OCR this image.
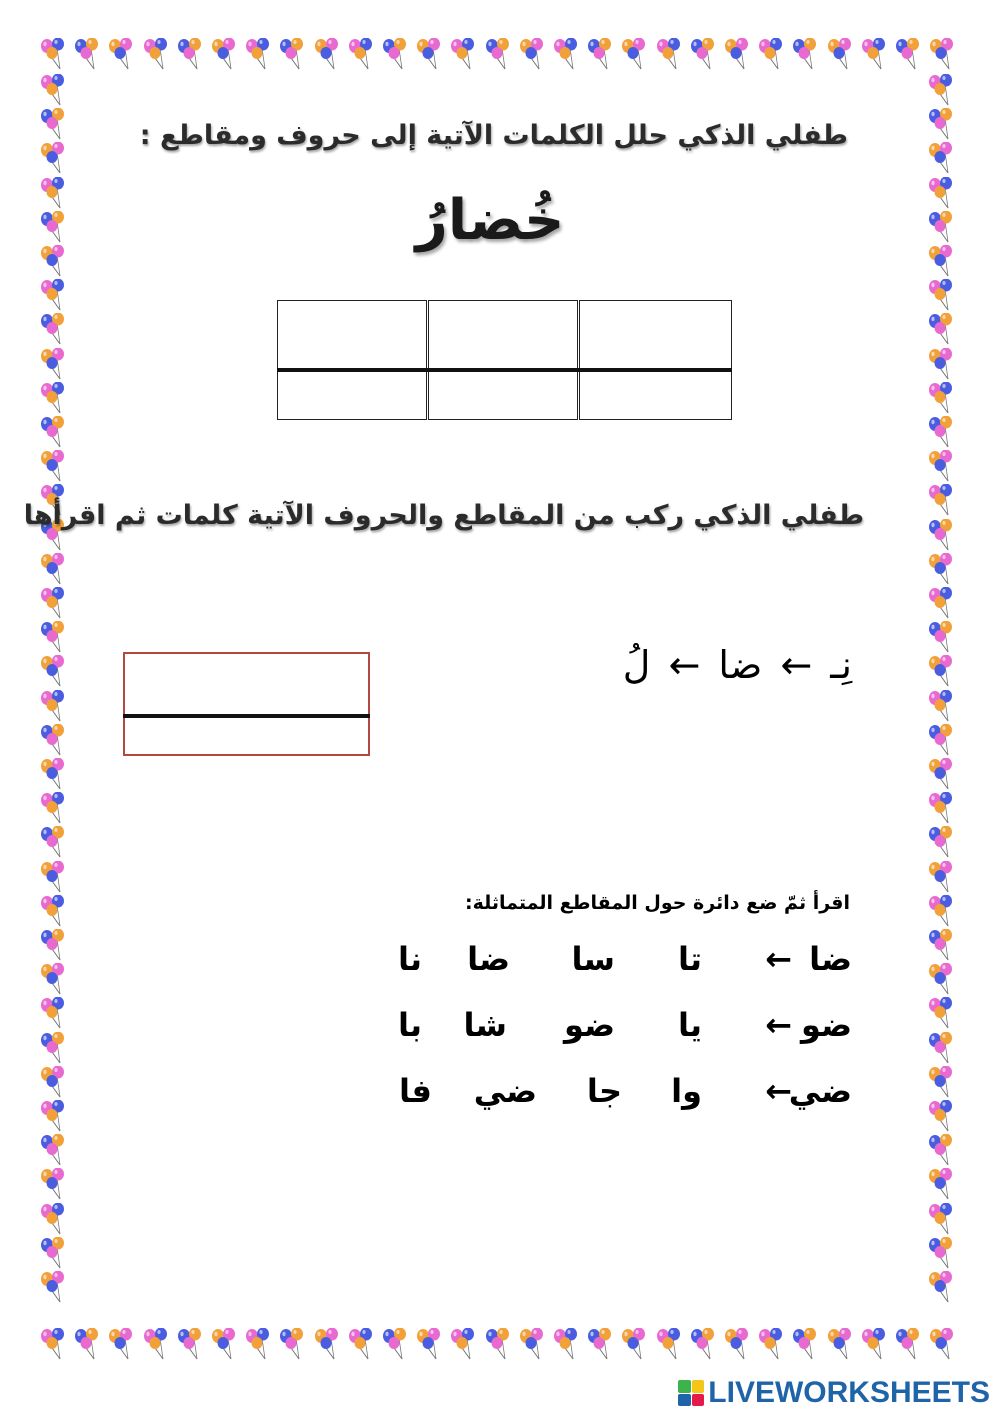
طفلي الذكي حلل الكلمات الآتية إلى حروف ومقاطع :
خُضارُ
طفلي الذكي ركب من المقاطع والحروف الآتية كلمات ثم اقرأها
نِـ ← ضا ← لُ
اقرأ ثمّ ضع دائرة حول المقاطع المتماثلة:
ضا
←
تا
سا
ضا
نا
ضو
←
يا
ضو
شا
با
ضي
←
وا
جا
ضي
فا
LIVEWORKSHEETS
